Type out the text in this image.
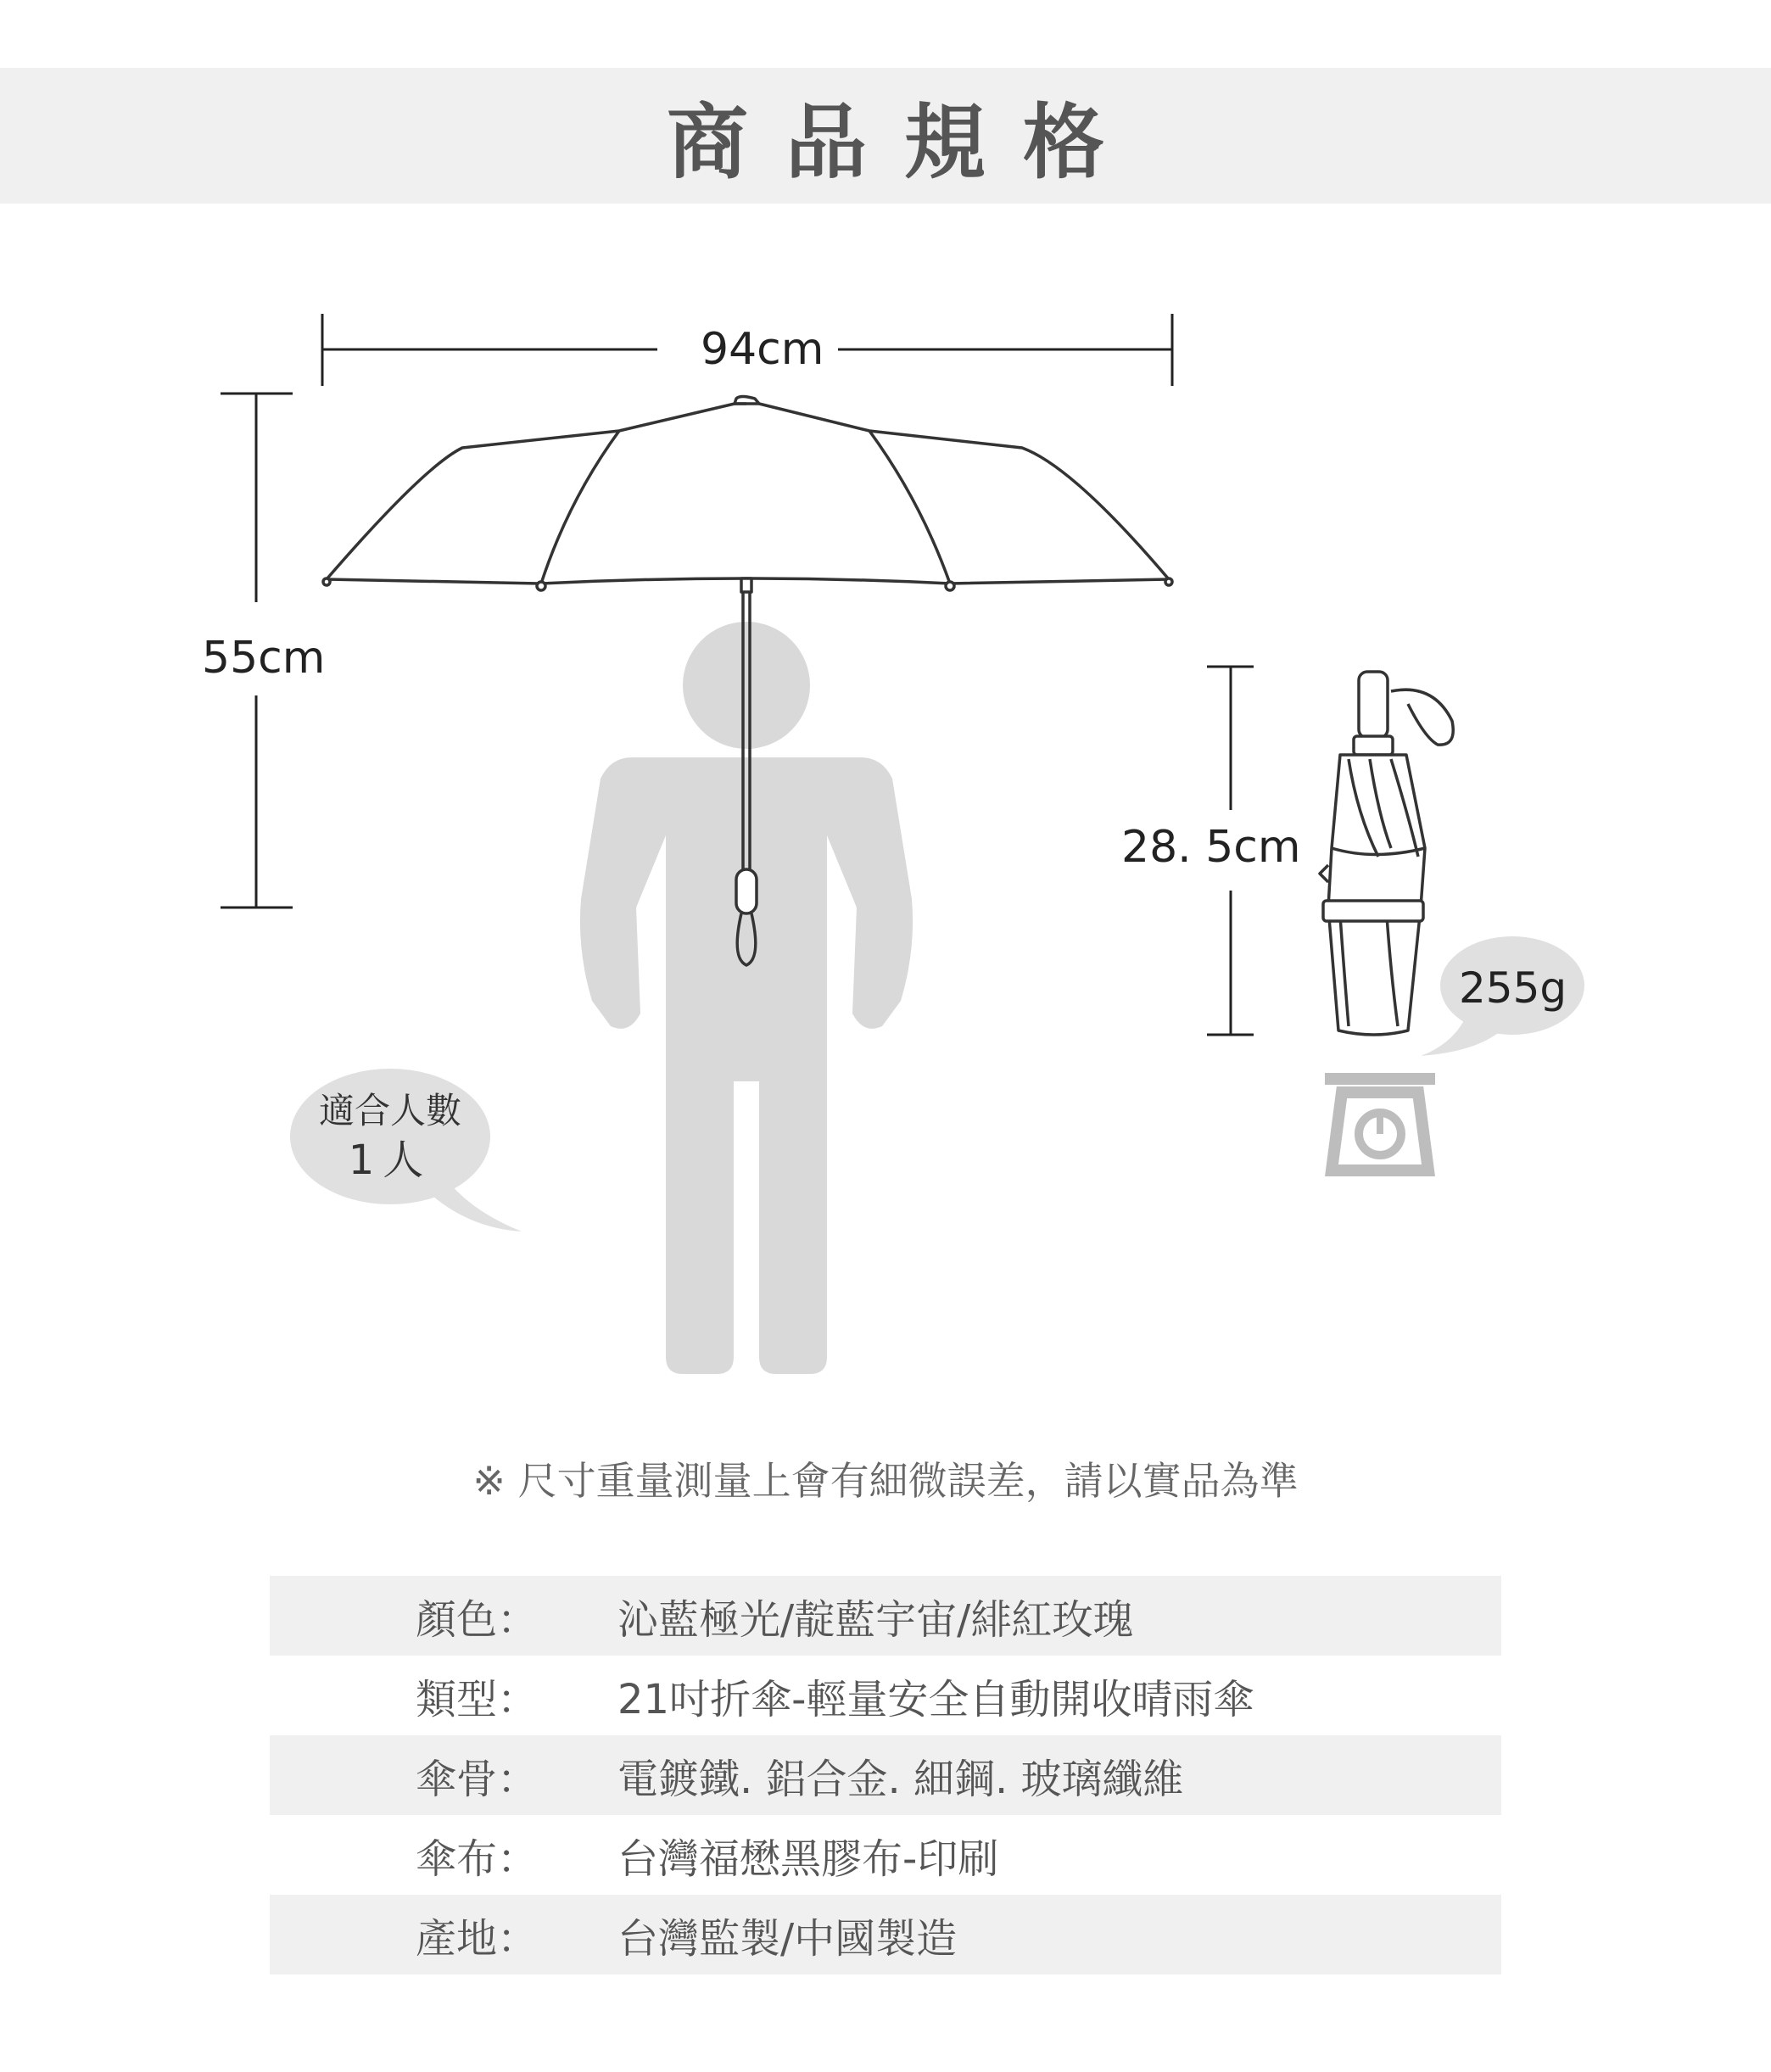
商品規格
94cm
55cm
28. 5cm
255g
適合人數
1人
※ 尺寸重量測量上會有細微誤差，請以實品為準
顏色：	沁藍極光/靛藍宇宙/緋紅玫瑰
類型：	21吋折傘-輕量安全自動開收晴雨傘
傘骨：	電鍍鐵. 鋁合金. 細鋼. 玻璃纖維
傘布：	台灣福懋黑膠布-印刷
產地：	台灣監製/中國製造
